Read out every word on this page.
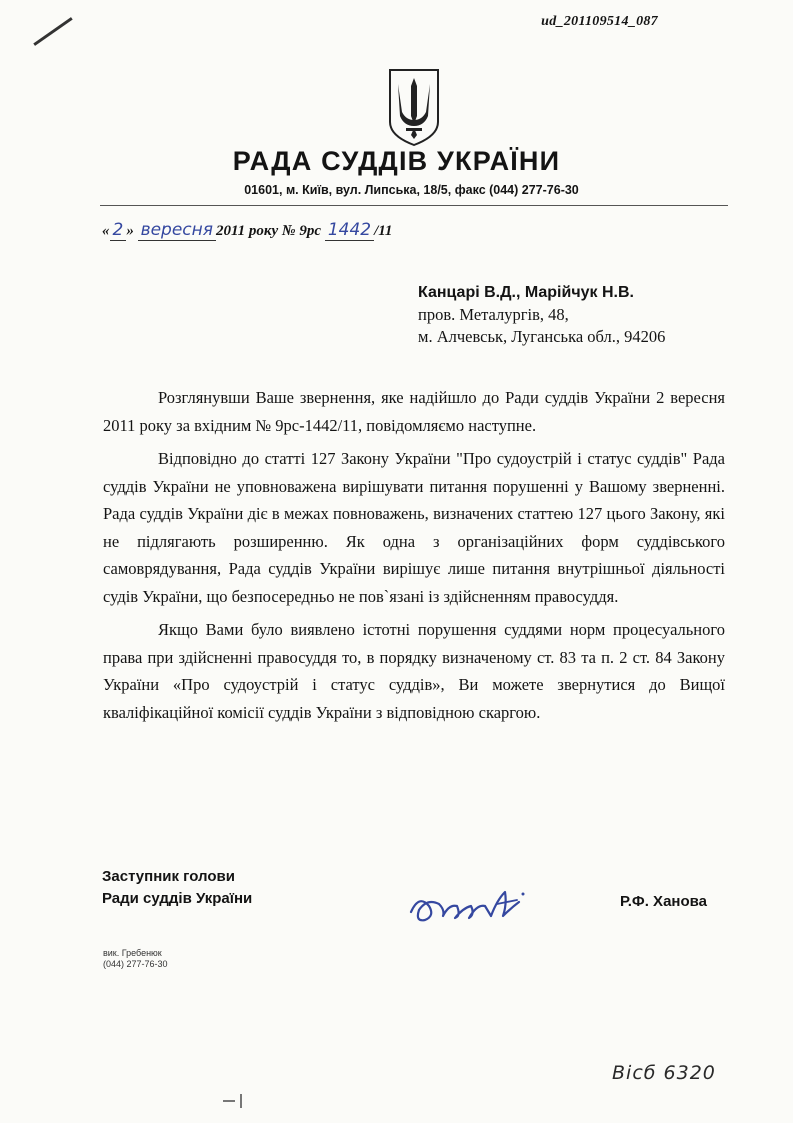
ud_201109514_087
РАДА СУДДІВ УКРАЇНИ
01601, м. Київ, вул. Липська, 18/5, факс (044) 277-76-30
« 2 » вересня 2011 року № 9рс 1442 /11
Канцарі В.Д., Марійчук Н.В.
пров. Металургів, 48,
м. Алчевськ, Луганська обл., 94206

Розглянувши Ваше звернення, яке надійшло до Ради суддів України 2 вересня 2011 року за вхідним № 9рс-1442/11, повідомляємо наступне.

Відповідно до статті 127 Закону України "Про судоустрій і статус суддів" Рада суддів України не уповноважена вирішувати питання порушенні у Вашому зверненні. Рада суддів України діє в межах повноважень, визначених статтею 127 цього Закону, які не підлягають розширенню. Як одна з організаційних форм суддівського самоврядування, Рада суддів України вирішує лише питання внутрішньої діяльності судів України, що безпосередньо не пов`язані із здійсненням правосуддя.

Якщо Вами було виявлено істотні порушення суддями норм процесуального права при здійсненні правосуддя то, в порядку визначеному ст. 83 та п. 2 ст. 84 Закону України «Про судоустрій і статус суддів», Ви можете звернутися до Вищої кваліфікаційної комісії суддів України з відповідною скаргою.

Заступник голови
Ради суддів України	Р.Ф. Ханова
вик. Гребенюк
(044) 277-76-30
Вісб 6320
